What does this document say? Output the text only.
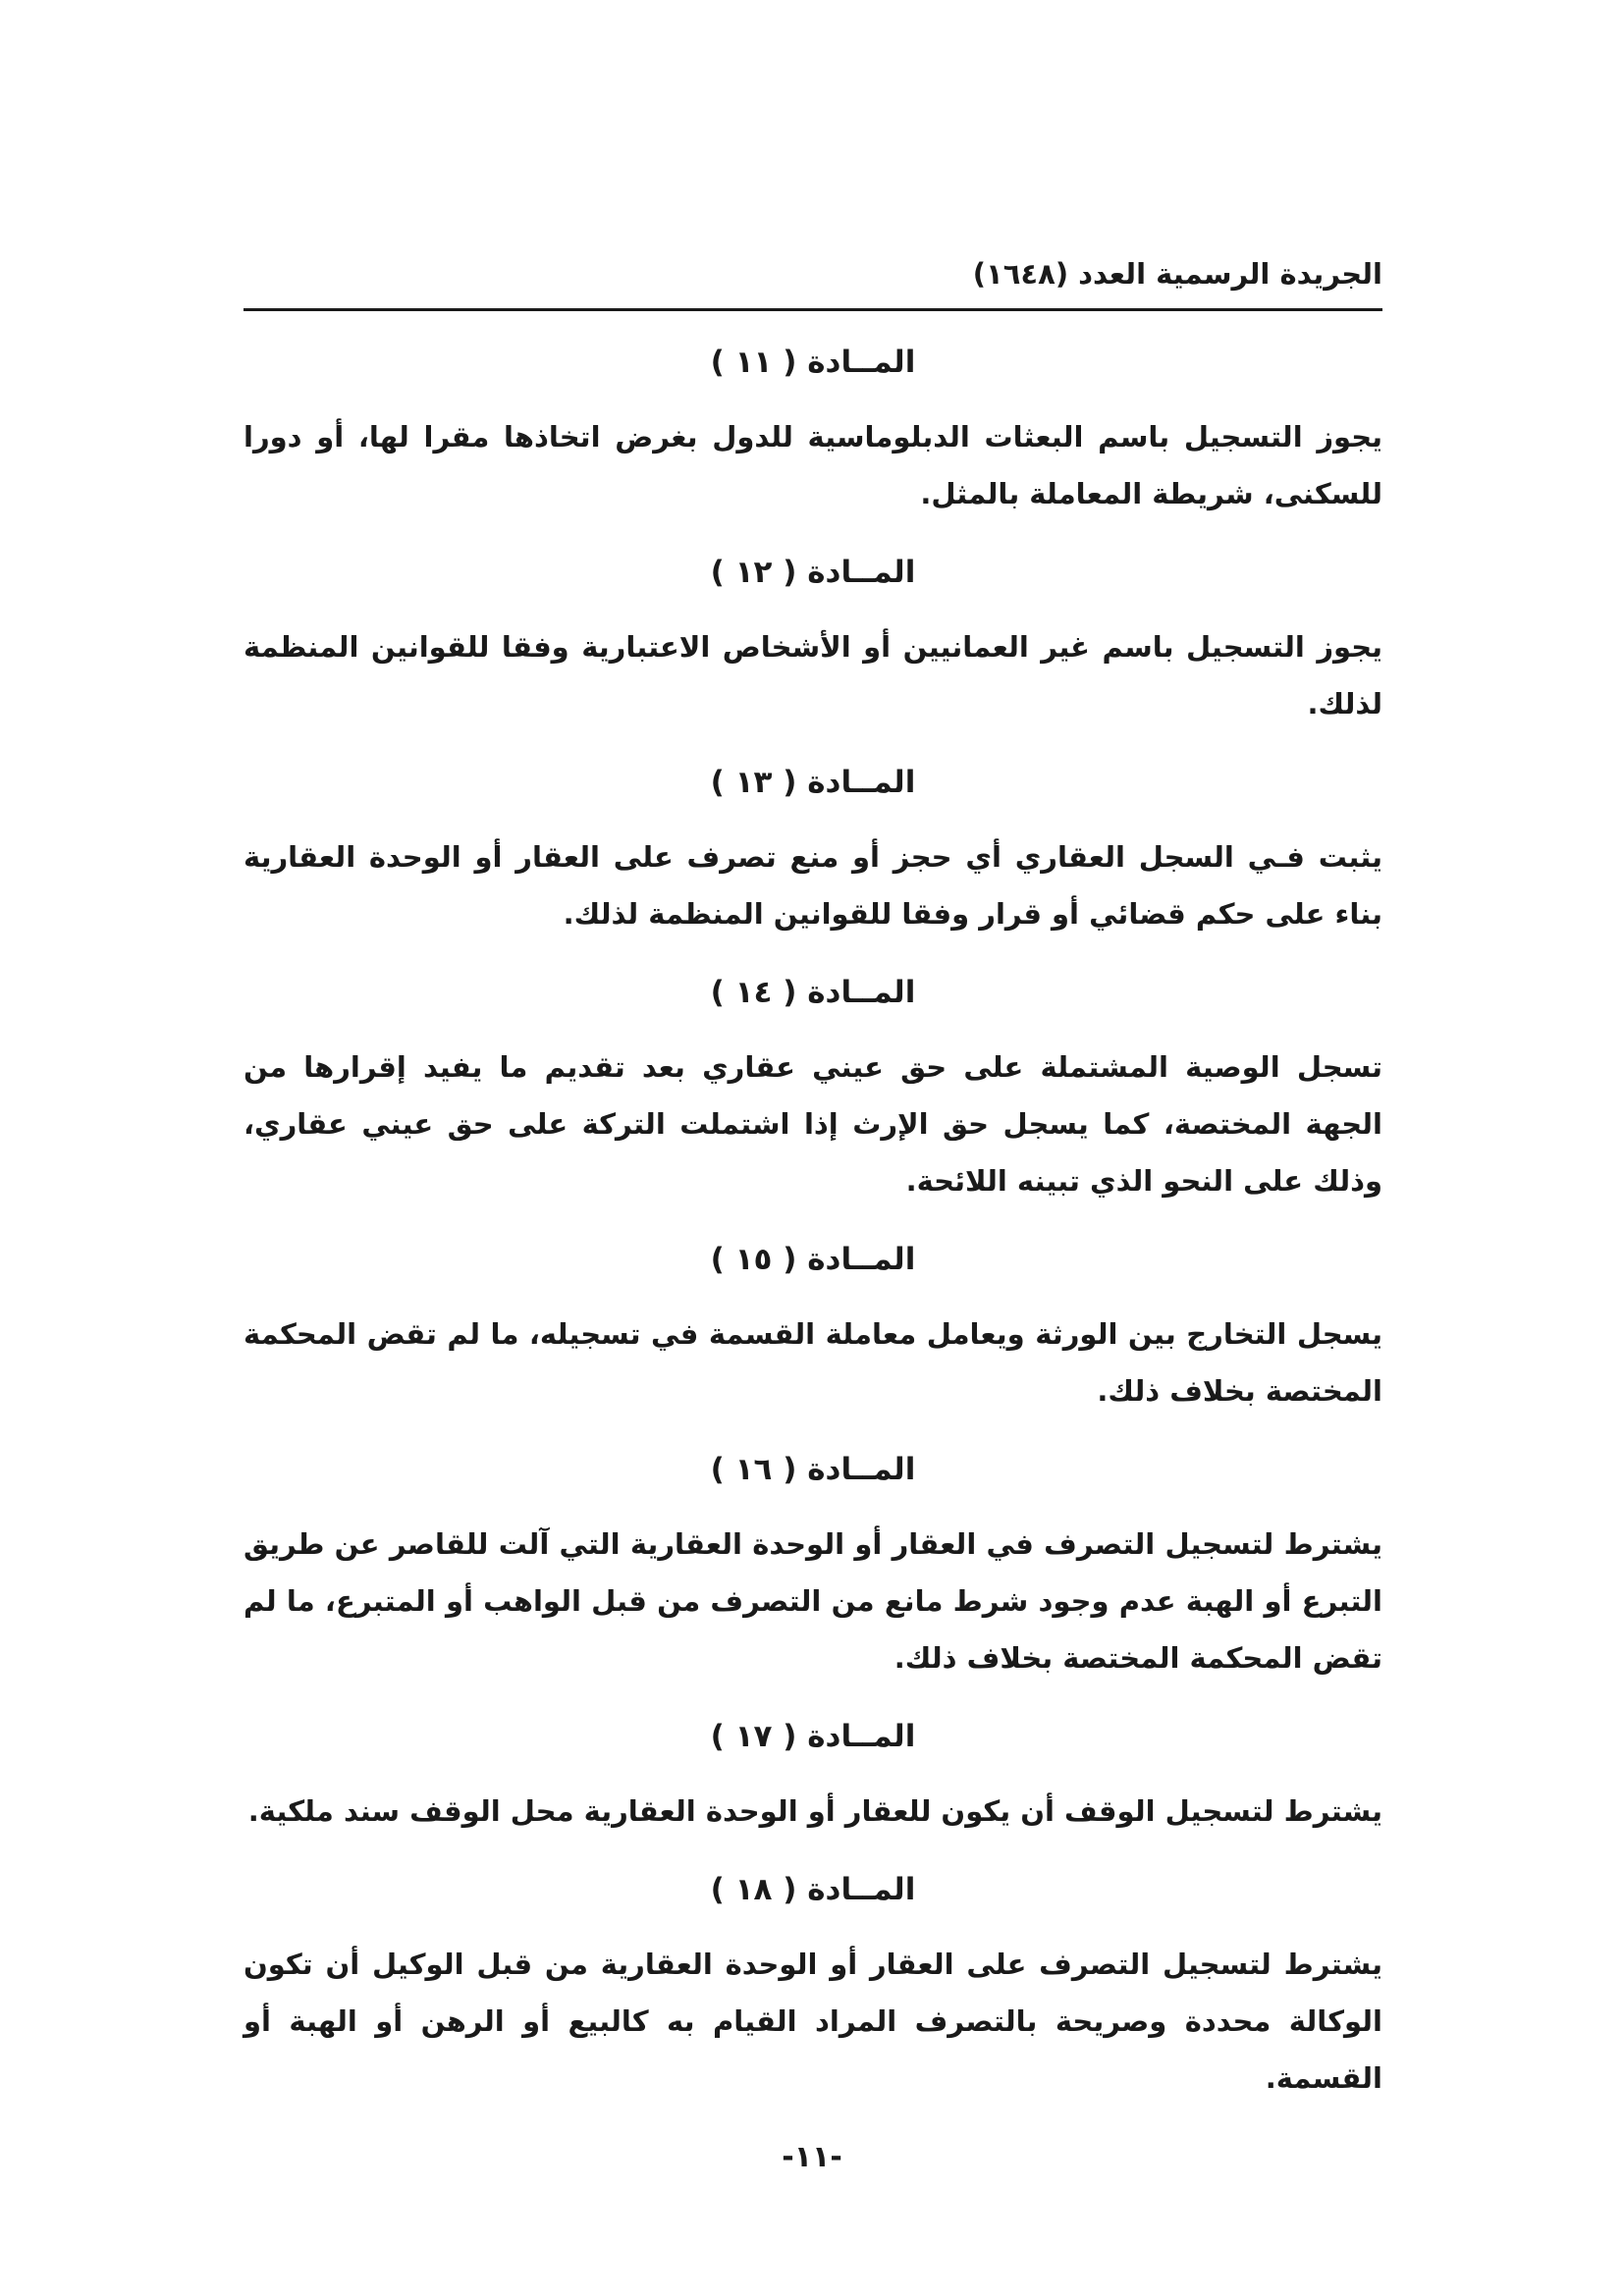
الجريدة الرسمية العدد (١٦٤٨)
المــادة ( ١١ )

يجوز التسجيل باسم البعثات الدبلوماسية للدول بغرض اتخاذها مقرا لها، أو دورا للسكنى، شريطة المعاملة بالمثل.

المــادة ( ١٢ )

يجوز التسجيل باسم غير العمانيين أو الأشخاص الاعتبارية وفقا للقوانين المنظمة لذلك.

المــادة ( ١٣ )

يثبت فـي السجل العقاري أي حجز أو منع تصرف على العقار أو الوحدة العقارية بناء على حكم قضائي أو قرار وفقا للقوانين المنظمة لذلك.

المــادة ( ١٤ )

تسجل الوصية المشتملة على حق عيني عقاري بعد تقديم ما يفيد إقرارها من الجهة المختصة، كما يسجل حق الإرث إذا اشتملت التركة على حق عيني عقاري، وذلك على النحو الذي تبينه اللائحة.

المــادة ( ١٥ )

يسجل التخارج بين الورثة ويعامل معاملة القسمة في تسجيله، ما لم تقض المحكمة المختصة بخلاف ذلك.

المــادة ( ١٦ )

يشترط لتسجيل التصرف في العقار أو الوحدة العقارية التي آلت للقاصر عن طريق التبرع أو الهبة عدم وجود شرط مانع من التصرف من قبل الواهب أو المتبرع، ما لم تقض المحكمة المختصة بخلاف ذلك.

المــادة ( ١٧ )

يشترط لتسجيل الوقف أن يكون للعقار أو الوحدة العقارية محل الوقف سند ملكية.

المــادة ( ١٨ )

يشترط لتسجيل التصرف على العقار أو الوحدة العقارية من قبل الوكيل أن تكون الوكالة محددة وصريحة بالتصرف المراد القيام به كالبيع أو الرهن أو الهبة أو القسمة.

-١١-
